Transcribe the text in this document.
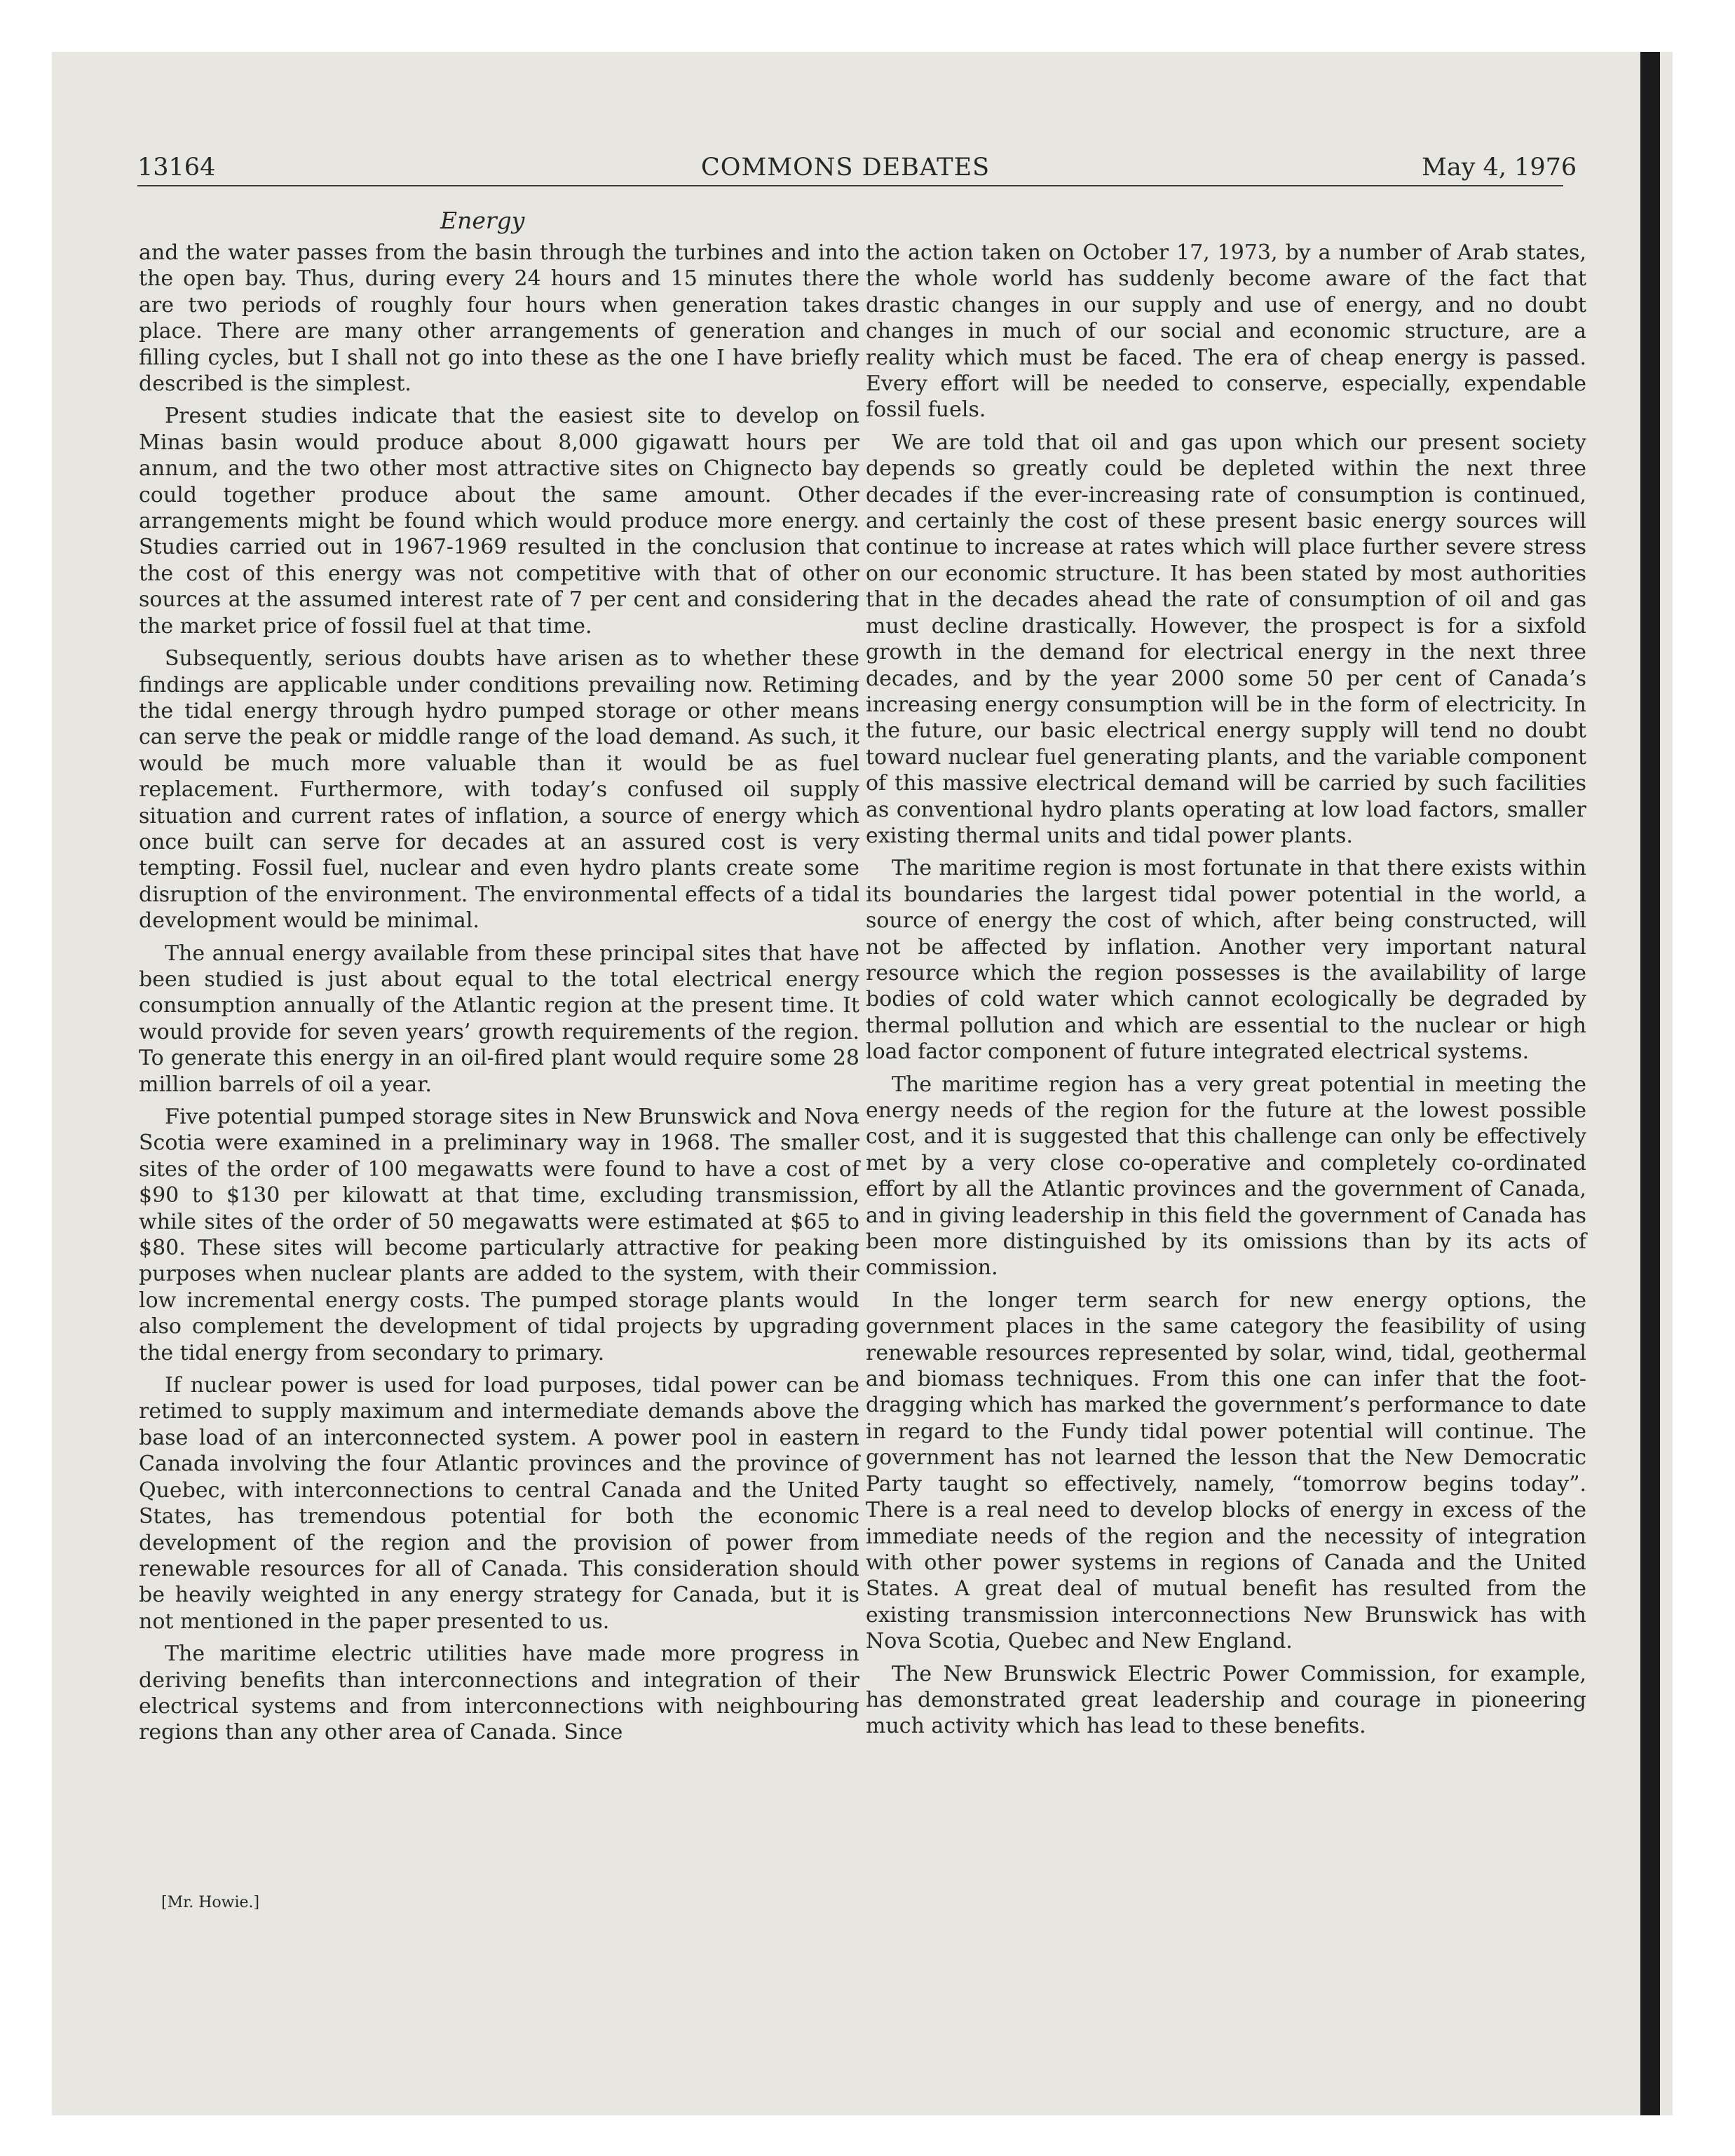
13164	COMMONS DEBATES	May 4, 1976
Energy

and the water passes from the basin through the turbines and into the open bay. Thus, during every 24 hours and 15 minutes there are two periods of roughly four hours when generation takes place. There are many other arrangements of generation and filling cycles, but I shall not go into these as the one I have briefly described is the simplest.

Present studies indicate that the easiest site to develop on Minas basin would produce about 8,000 gigawatt hours per annum, and the two other most attractive sites on Chignecto bay could together produce about the same amount. Other arrangements might be found which would produce more energy. Studies carried out in 1967-1969 resulted in the conclusion that the cost of this energy was not competitive with that of other sources at the assumed interest rate of 7 per cent and considering the market price of fossil fuel at that time.

Subsequently, serious doubts have arisen as to whether these findings are applicable under conditions prevailing now. Retiming the tidal energy through hydro pumped storage or other means can serve the peak or middle range of the load demand. As such, it would be much more valuable than it would be as fuel replacement. Furthermore, with today’s confused oil supply situation and current rates of inflation, a source of energy which once built can serve for decades at an assured cost is very tempting. Fossil fuel, nuclear and even hydro plants create some disruption of the environment. The environmental effects of a tidal development would be minimal.

The annual energy available from these principal sites that have been studied is just about equal to the total electrical energy consumption annually of the Atlantic region at the present time. It would provide for seven years’ growth requirements of the region. To generate this energy in an oil-fired plant would require some 28 million barrels of oil a year.

Five potential pumped storage sites in New Brunswick and Nova Scotia were examined in a preliminary way in 1968. The smaller sites of the order of 100 megawatts were found to have a cost of $90 to $130 per kilowatt at that time, excluding transmission, while sites of the order of 50 megawatts were estimated at $65 to $80. These sites will become particularly attractive for peaking purposes when nuclear plants are added to the system, with their low incremental energy costs. The pumped storage plants would also complement the development of tidal projects by upgrading the tidal energy from secondary to primary.

If nuclear power is used for load purposes, tidal power can be retimed to supply maximum and intermediate demands above the base load of an interconnected system. A power pool in eastern Canada involving the four Atlantic provinces and the province of Quebec, with interconnections to central Canada and the United States, has tremendous potential for both the economic development of the region and the provision of power from renewable resources for all of Canada. This consideration should be heavily weighted in any energy strategy for Canada, but it is not mentioned in the paper presented to us.

The maritime electric utilities have made more progress in deriving benefits than interconnections and integration of their electrical systems and from interconnections with neighbouring regions than any other area of Canada. Since

[Mr. Howie.]

the action taken on October 17, 1973, by a number of Arab states, the whole world has suddenly become aware of the fact that drastic changes in our supply and use of energy, and no doubt changes in much of our social and economic structure, are a reality which must be faced. The era of cheap energy is passed. Every effort will be needed to conserve, especially, expendable fossil fuels.

We are told that oil and gas upon which our present society depends so greatly could be depleted within the next three decades if the ever-increasing rate of consumption is continued, and certainly the cost of these present basic energy sources will continue to increase at rates which will place further severe stress on our economic structure. It has been stated by most authorities that in the decades ahead the rate of consumption of oil and gas must decline drastically. However, the prospect is for a sixfold growth in the demand for electrical energy in the next three decades, and by the year 2000 some 50 per cent of Canada’s increasing energy consumption will be in the form of electricity. In the future, our basic electrical energy supply will tend no doubt toward nuclear fuel generating plants, and the variable component of this massive electrical demand will be carried by such facilities as conventional hydro plants operating at low load factors, smaller existing thermal units and tidal power plants.

The maritime region is most fortunate in that there exists within its boundaries the largest tidal power potential in the world, a source of energy the cost of which, after being constructed, will not be affected by inflation. Another very important natural resource which the region possesses is the availability of large bodies of cold water which cannot ecologically be degraded by thermal pollution and which are essential to the nuclear or high load factor component of future integrated electrical systems.

The maritime region has a very great potential in meeting the energy needs of the region for the future at the lowest possible cost, and it is suggested that this challenge can only be effectively met by a very close co-operative and completely co-ordinated effort by all the Atlantic provinces and the government of Canada, and in giving leadership in this field the government of Canada has been more distinguished by its omissions than by its acts of commission.

In the longer term search for new energy options, the government places in the same category the feasibility of using renewable resources represented by solar, wind, tidal, geothermal and biomass techniques. From this one can infer that the foot-dragging which has marked the government’s performance to date in regard to the Fundy tidal power potential will continue. The government has not learned the lesson that the New Democratic Party taught so effectively, namely, “tomorrow begins today”. There is a real need to develop blocks of energy in excess of the immediate needs of the region and the necessity of integration with other power systems in regions of Canada and the United States. A great deal of mutual benefit has resulted from the existing transmission interconnections New Brunswick has with Nova Scotia, Quebec and New England.

The New Brunswick Electric Power Commission, for example, has demonstrated great leadership and courage in pioneering much activity which has lead to these benefits.
